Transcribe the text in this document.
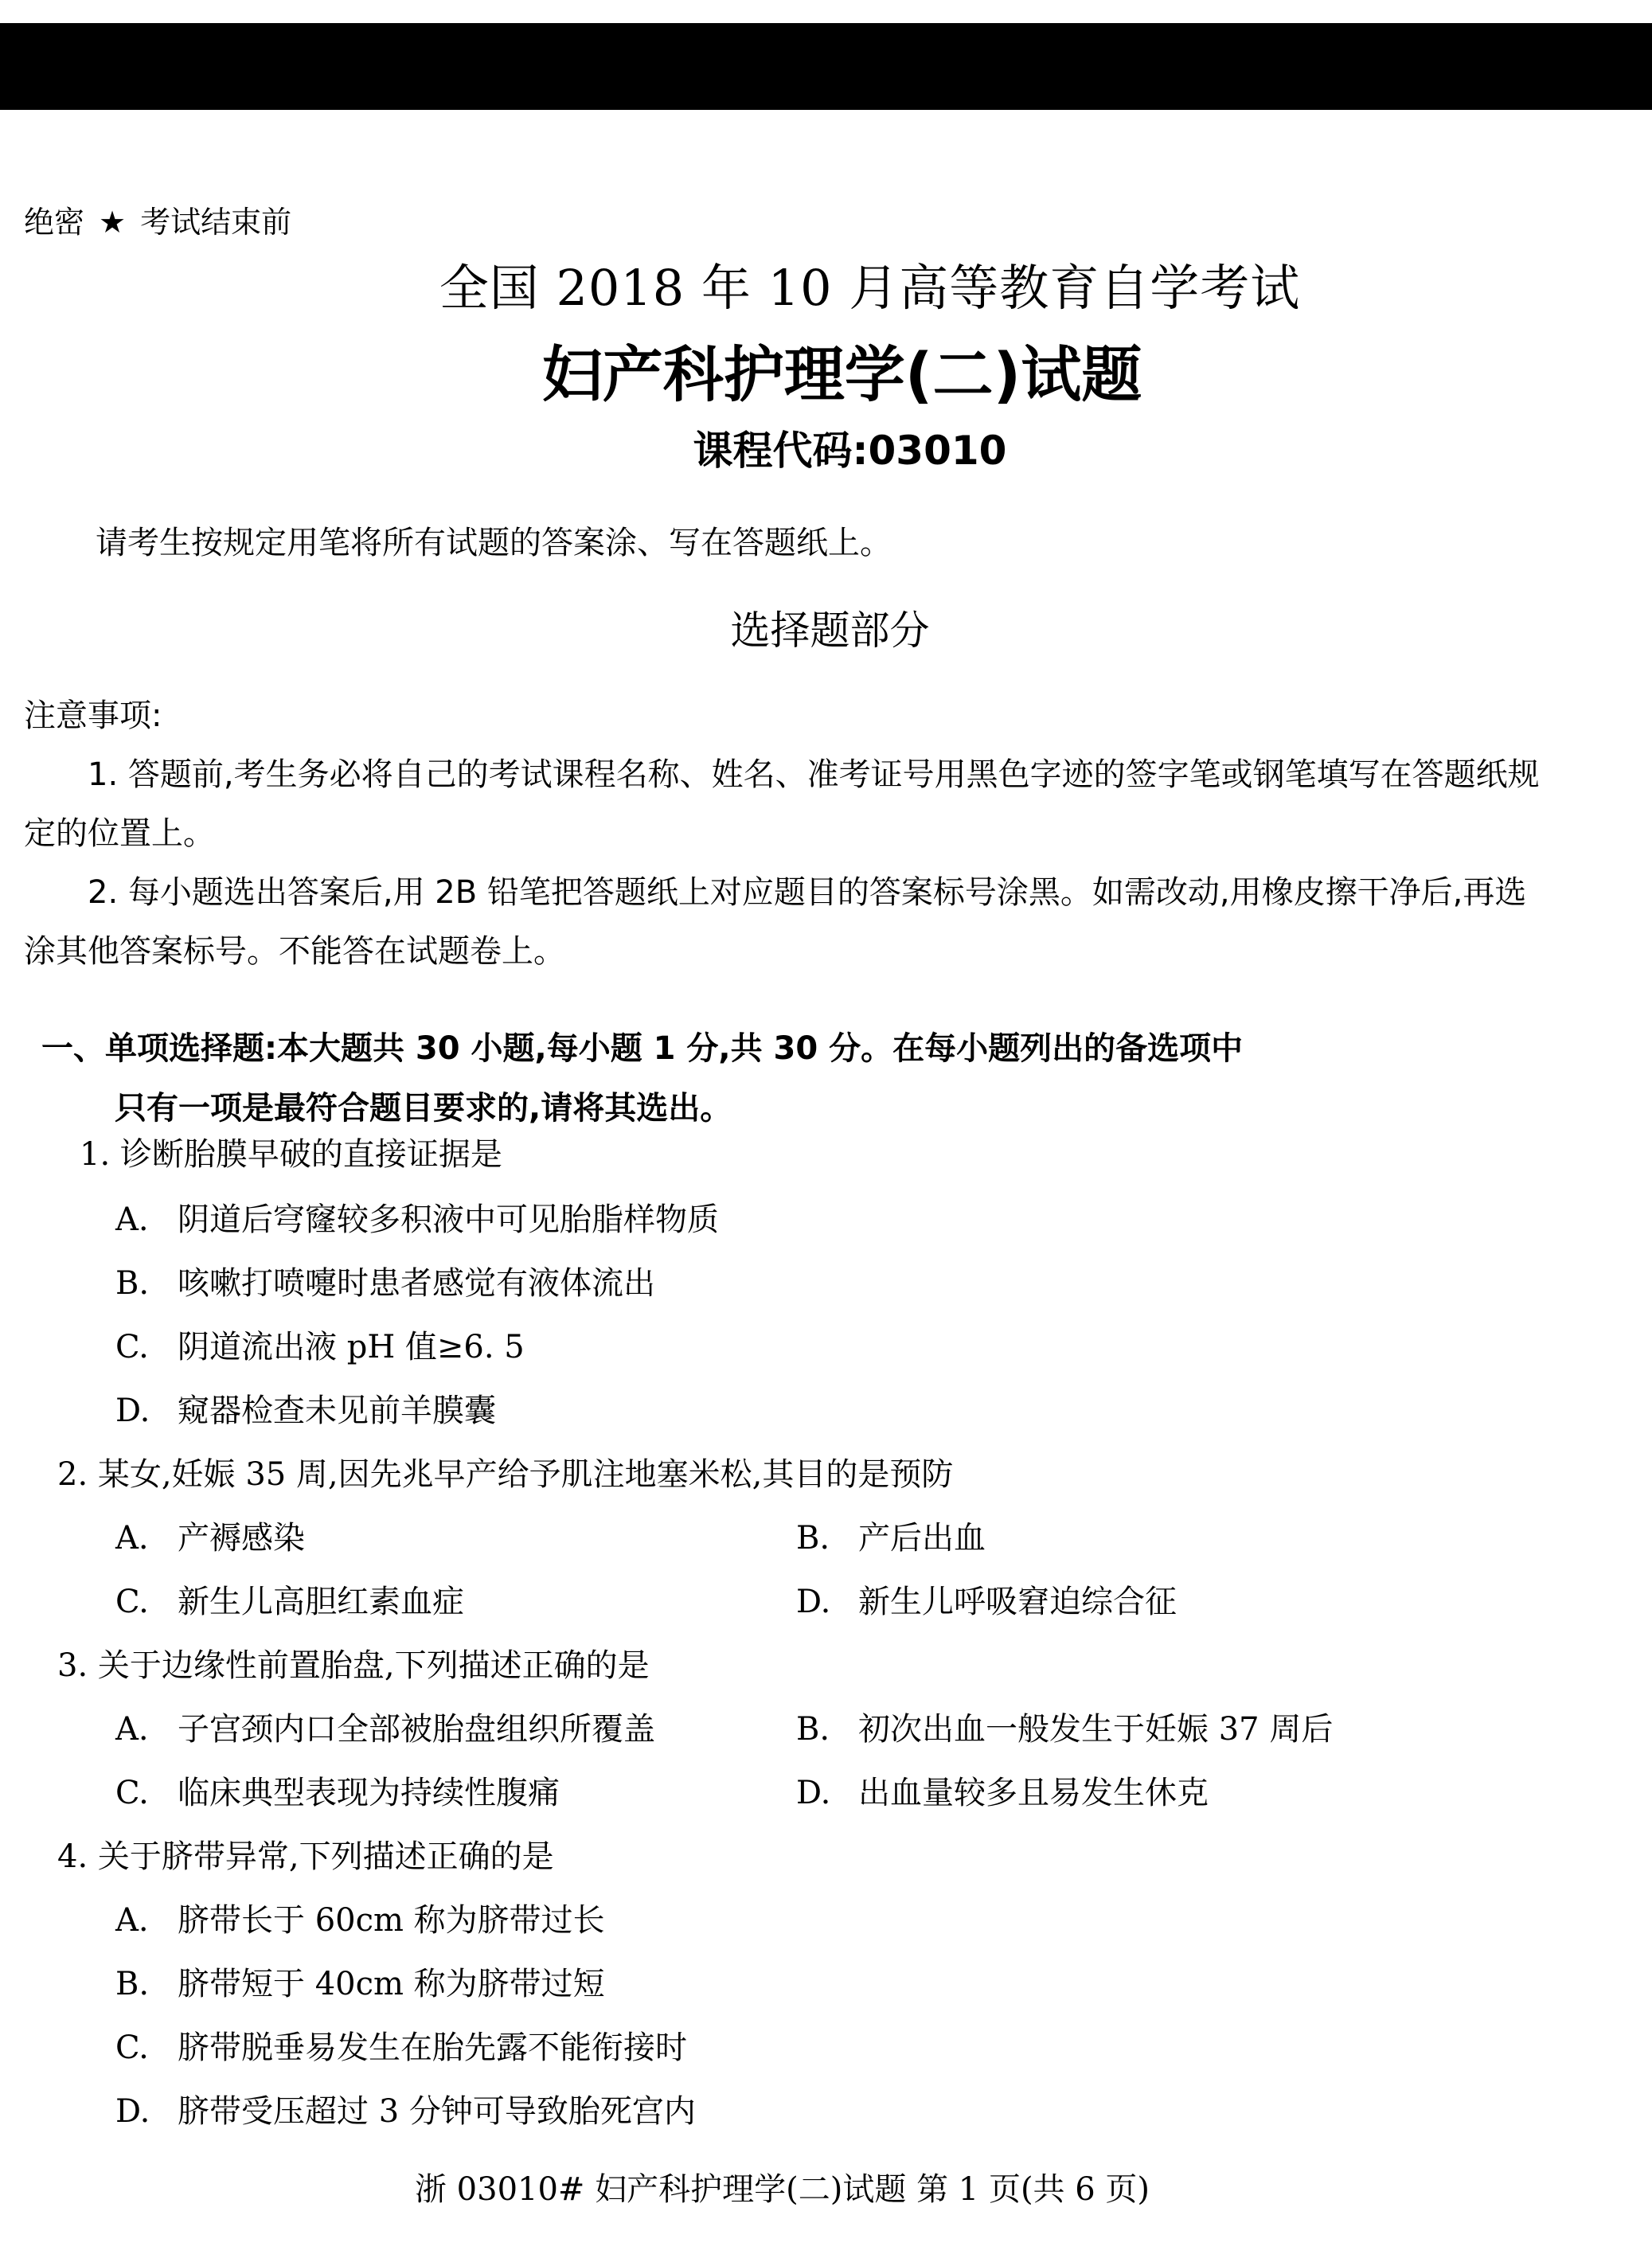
绝密 ★ 考试结束前
全国 2018 年 10 月高等教育自学考试
妇产科护理学(二)试题
课程代码:03010
请考生按规定用笔将所有试题的答案涂、写在答题纸上。
选择题部分

注意事项:

1. 答题前,考生务必将自己的考试课程名称、姓名、准考证号用黑色字迹的签字笔或钢笔填写在答题纸规定的位置上。

2. 每小题选出答案后,用 2B 铅笔把答题纸上对应题目的答案标号涂黑。如需改动,用橡皮擦干净后,再选涂其他答案标号。不能答在试题卷上。

一、单项选择题:本大题共 30 小题,每小题 1 分,共 30 分。在每小题列出的备选项中
只有一项是最符合题目要求的,请将其选出。
1. 诊断胎膜早破的直接证据是
A. 阴道后穹窿较多积液中可见胎脂样物质
B. 咳嗽打喷嚏时患者感觉有液体流出
C. 阴道流出液 pH 值≥6. 5
D. 窥器检查未见前羊膜囊
2. 某女,妊娠 35 周,因先兆早产给予肌注地塞米松,其目的是预防
A. 产褥感染	B. 产后出血
C. 新生儿高胆红素血症	D. 新生儿呼吸窘迫综合征
3. 关于边缘性前置胎盘,下列描述正确的是
A. 子宫颈内口全部被胎盘组织所覆盖	B. 初次出血一般发生于妊娠 37 周后
C. 临床典型表现为持续性腹痛	D. 出血量较多且易发生休克
4. 关于脐带异常,下列描述正确的是
A. 脐带长于 60cm 称为脐带过长
B. 脐带短于 40cm 称为脐带过短
C. 脐带脱垂易发生在胎先露不能衔接时
D. 脐带受压超过 3 分钟可导致胎死宫内
浙 03010# 妇产科护理学(二)试题 第 1 页(共 6 页)
